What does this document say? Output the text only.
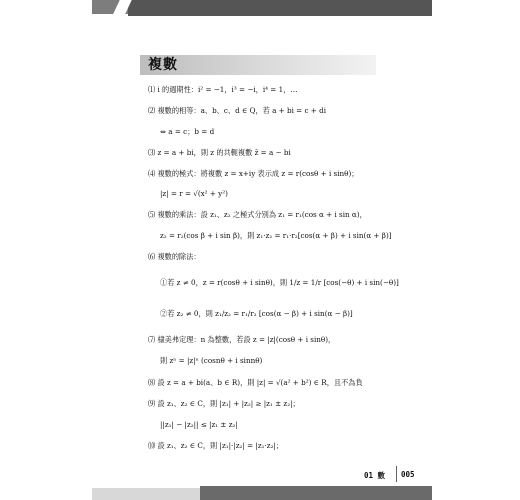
複數
⑴ i 的週期性：i² = −1，i³ = −i，i⁴ = 1，…
⑵ 複數的相等：a、b、c、d ∈ Q，若 a + bi = c + di
⇔ a = c；b = d
⑶ z = a + bi，則 z 的共軛複數 z̄ = a − bi
⑷ 複數的極式：將複數 z = x+iy 表示成 z = r(cosθ + i sinθ)；
|z| = r = √(x² + y²)
⑸ 複數的乘法：設 z₁、z₂ 之極式分別為 z₁ = r₁(cos α + i sin α)，
z₂ = r₂(cos β + i sin β)，則 z₁·z₂ = r₁·r₂[cos(α + β) + i sin(α + β)]
⑹ 複數的除法：
①若 z ≠ 0，z = r(cosθ + i sinθ)，則 1/z = 1/r [cos(−θ) + i sin(−θ)]
②若 z₂ ≠ 0，則 z₁/z₂ = r₁/r₂ [cos(α − β) + i sin(α − β)]
⑺ 棣美弗定理：n 為整數，若設 z = |z|(cosθ + i sinθ)，
則 zⁿ = |z|ⁿ (cosnθ + i sinnθ)
⑻ 設 z = a + bi(a、b ∈ R)，則 |z| = √(a² + b²) ∈ R，且不為負
⑼ 設 z₁、z₂ ∈ C，則 |z₁| + |z₂| ≥ |z₁ ± z₂|；
||z₁| − |z₂|| ≤ |z₁ ± z₂|
⑽ 設 z₁、z₂ ∈ C，則 |z₁|·|z₂| = |z₁·z₂|；
01 數 005
